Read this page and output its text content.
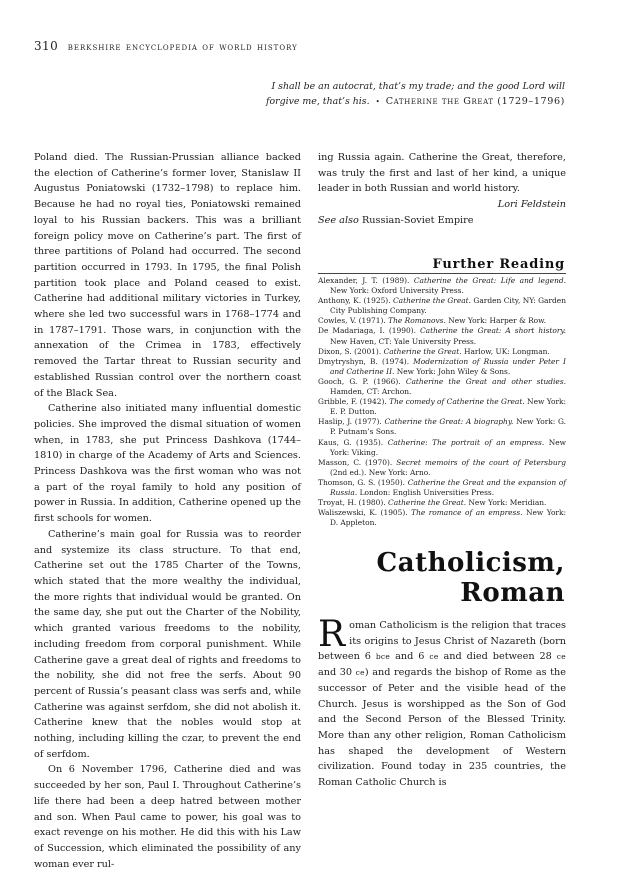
310 berkshire encyclopedia of world history
I shall be an autocrat, that’s my trade; and the good Lord will
forgive me, that’s his. • Catherine the Great (1729–1796)

Poland died. The Russian-Prussian alliance backed the election of Catherine’s former lover, Stanislaw II Augustus Poniatowski (1732–1798) to replace him. Because he had no royal ties, Poniatowski remained loyal to his Russian backers. This was a brilliant foreign policy move on Catherine’s part. The first of three partitions of Poland had occurred. The second partition occurred in 1793. In 1795, the final Polish partition took place and Poland ceased to exist. Catherine had additional military victories in Turkey, where she led two successful wars in 1768–1774 and in 1787–1791. Those wars, in conjunction with the annexation of the Crimea in 1783, effectively removed the Tartar threat to Russian security and established Russian control over the northern coast of the Black Sea.

Catherine also initiated many influential domestic policies. She improved the dismal situation of women when, in 1783, she put Princess Dashkova (1744–1810) in charge of the Academy of Arts and Sciences. Princess Dashkova was the first woman who was not a part of the royal family to hold any position of power in Russia. In addition, Catherine opened up the first schools for women.

Catherine’s main goal for Russia was to reorder and systemize its class structure. To that end, Catherine set out the 1785 Charter of the Towns, which stated that the more wealthy the individual, the more rights that individual would be granted. On the same day, she put out the Charter of the Nobility, which granted various freedoms to the nobility, including freedom from corporal punishment. While Catherine gave a great deal of rights and freedoms to the nobility, she did not free the serfs. About 90 percent of Russia’s peasant class was serfs and, while Catherine was against serfdom, she did not abolish it. Catherine knew that the nobles would stop at nothing, including killing the czar, to prevent the end of serfdom.

On 6 November 1796, Catherine died and was succeeded by her son, Paul I. Throughout Catherine’s life there had been a deep hatred between mother and son. When Paul came to power, his goal was to exact revenge on his mother. He did this with his Law of Succession, which eliminated the possibility of any woman ever rul-

ing Russia again. Catherine the Great, therefore, was truly the first and last of her kind, a unique leader in both Russian and world history.

Lori Feldstein

See also Russian-Soviet Empire

Further Reading
Alexander, J. T. (1989). Catherine the Great: Life and legend. New York: Oxford University Press.
Anthony, K. (1925). Catherine the Great. Garden City, NY: Garden City Publishing Company.
Cowles, V. (1971). The Romanovs. New York: Harper & Row.
De Madariaga, I. (1990). Catherine the Great: A short history. New Haven, CT: Yale University Press.
Dixon, S. (2001). Catherine the Great. Harlow, UK: Longman.
Dmytryshyn, B. (1974). Modernization of Russia under Peter I and Catherine II. New York: John Wiley & Sons.
Gooch, G. P. (1966). Catherine the Great and other studies. Hamden, CT: Archon.
Gribble, F. (1942). The comedy of Catherine the Great. New York: E. P. Dutton.
Haslip, J. (1977). Catherine the Great: A biography. New York: G. P. Putnam’s Sons.
Kaus, G. (1935). Catherine: The portrait of an empress. New York: Viking.
Masson, C. (1970). Secret memoirs of the court of Petersburg (2nd ed.). New York: Arno.
Thomson, G. S. (1950). Catherine the Great and the expansion of Russia. London: English Universities Press.
Troyat, H. (1980). Catherine the Great. New York: Meridian.
Waliszewski, K. (1905). The romance of an empress. New York: D. Appleton.
Catholicism,
Roman
Roman Catholicism is the religion that traces its origins to Jesus Christ of Nazareth (born between 6 bce and 6 ce and died between 28 ce and 30 ce) and regards the bishop of Rome as the successor of Peter and the visible head of the Church. Jesus is worshipped as the Son of God and the Second Person of the Blessed Trinity. More than any other religion, Roman Catholicism has shaped the development of Western civilization. Found today in 235 countries, the Roman Catholic Church is
